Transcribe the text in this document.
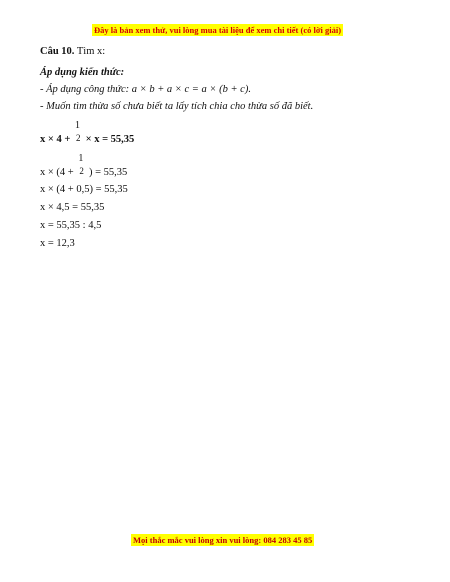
Đây là bản xem thử, vui lòng mua tài liệu để xem chi tiết (có lời giải)
Câu 10. Tìm x:
Áp dụng kiến thức:
- Áp dụng công thức: a × b + a × c = a × (b + c).
- Muốn tìm thừa số chưa biết ta lấy tích chia cho thừa số đã biết.
x × 4 +
1
2 × x = 55,35
x × (4 +
1
2 ) = 55,35
x × (4 + 0,5) = 55,35
x × 4,5 = 55,35
x = 55,35 : 4,5
x = 12,3
Mọi thắc mắc vui lòng xin vui lòng: 084 283 45 85
